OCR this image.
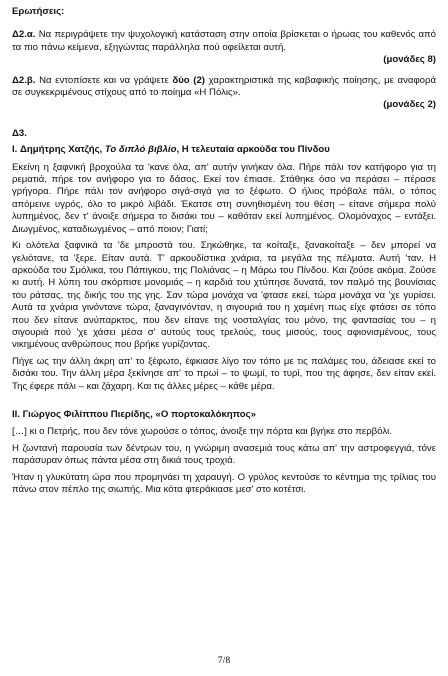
Ερωτήσεις:

Δ2.α. Να περιγράψετε την ψυχολογική κατάσταση στην οποία βρίσκεται ο ήρωας του καθενός από τα πιο πάνω κείμενα, εξηγώντας παράλληλα πού οφείλεται αυτή.

(μονάδες 8)

Δ2.β. Να εντοπίσετε και να γράψετε δύο (2) χαρακτηριστικά της καβαφικής ποίησης, με αναφορά σε συγκεκριμένους στίχους από το ποίημα «Η Πόλις».

(μονάδες 2)

Δ3.

I. Δημήτρης Χατζής, Το διπλό βιβλίο, Η τελευταία αρκούδα του Πίνδου

Εκείνη η ξαφνική βροχούλα τα 'κανε όλα, απ' αυτήν γινήκαν όλα. Πήρε πάλι τον κατήφορο για τη ρεματιά, πήρε τον ανήφορο για το δάσος. Εκεί τον έπιασε. Στάθηκε όσο να περάσει – πέρασε γρήγορα. Πήρε πάλι τον ανήφορο σιγά-σιγά για το ξέφωτο. Ο ήλιος πρόβαλε πάλι, ο τόπος απόμεινε υγρός, όλο το μικρό λιβάδι. Έκατσε στη συνηθισμένη του θέση – είτανε σήμερα πολύ λυπημένος, δεν τ' άνοιξε σήμερα το δισάκι του – καθόταν εκεί λυπημένος. Ολομόναχος – εντάξει. Διωγμένος, καταδιωγμένος – από ποιον; Γιατί;

Κι ολότελα ξαφνικά τα 'δε μπροστά του. Σηκώθηκε, τα κοίταξε, ξανακοίταξε – δεν μπορεί να γελιότανε, τα 'ξερε. Είταν αυτά. Τ' αρκουδίστικα χνάρια, τα μεγάλα της πέλματα. Αυτή 'ταν. Η αρκούδα του Σμόλικα, του Πάπιγκου, της Πολιάνας – η Μάρω του Πίνδου. Και ζούσε ακόμα. Ζούσε κι αυτή. Η λύπη του σκόρπισε μονομιάς – η καρδιά του χτύπησε δυνατά, τον παλμό της βουνίσιας του ράτσας, της δικής του της γης. Σαν τώρα μονάχα να 'φτασε εκεί, τώρα μονάχα να 'χε γυρίσει. Αυτά τα χνάρια γινόντανε τώρα, ξαναγινόνταν, η σιγουριά του η χαμένη πως είχε φτάσει σε τόπο που δεν είτανε ανύπαρκτος, που δεν είτανε της νοσταλγίας του μόνο, της φαντασίας του – η σιγουριά πού 'χε χάσει μέσα σ' αυτούς τους τρελούς, τους μισούς, τους αφιονισμένους, τους νικημένους ανθρώπους που βρήκε γυρίζοντας.

Πήγε ως την άλλη άκρη απ' το ξέφωτο, έφκιασε λίγο τον τόπο με τις παλάμες του, άδειασε εκεί το δισάκι του. Την άλλη μέρα ξεκίνησε απ' το πρωί – το ψωμί, το τυρί, που της άφησε, δεν είταν εκεί. Της έφερε πάλι – και ζάχαρη. Και τις άλλες μέρες – κάθε μέρα.

II. Γιώργος Φιλίππου Πιερίδης, «Ο πορτοκαλόκηπος»

[…] κι ο Πετρής, που δεν τόνε χωρούσε ο τόπος, άνοιξε την πόρτα και βγήκε στο περβόλι.

Η ζωντανή παρουσία των δέντρων του, η γνώριμη ανασεμιά τους κάτω απ' την αστροφεγγιά, τόνε παράσυραν όπως πάντα μέσα στη δικιά τους τροχιά.

Ήταν η γλυκύτατη ώρα που προμηνάει τη χαραυγή. Ο γρύλος κεντούσε το κέντημα της τρίλιας του πάνω στον πέπλο της σιωπής. Μια κότα φτεράκιασε μεσ' στο κοτέτσι.

7/8
